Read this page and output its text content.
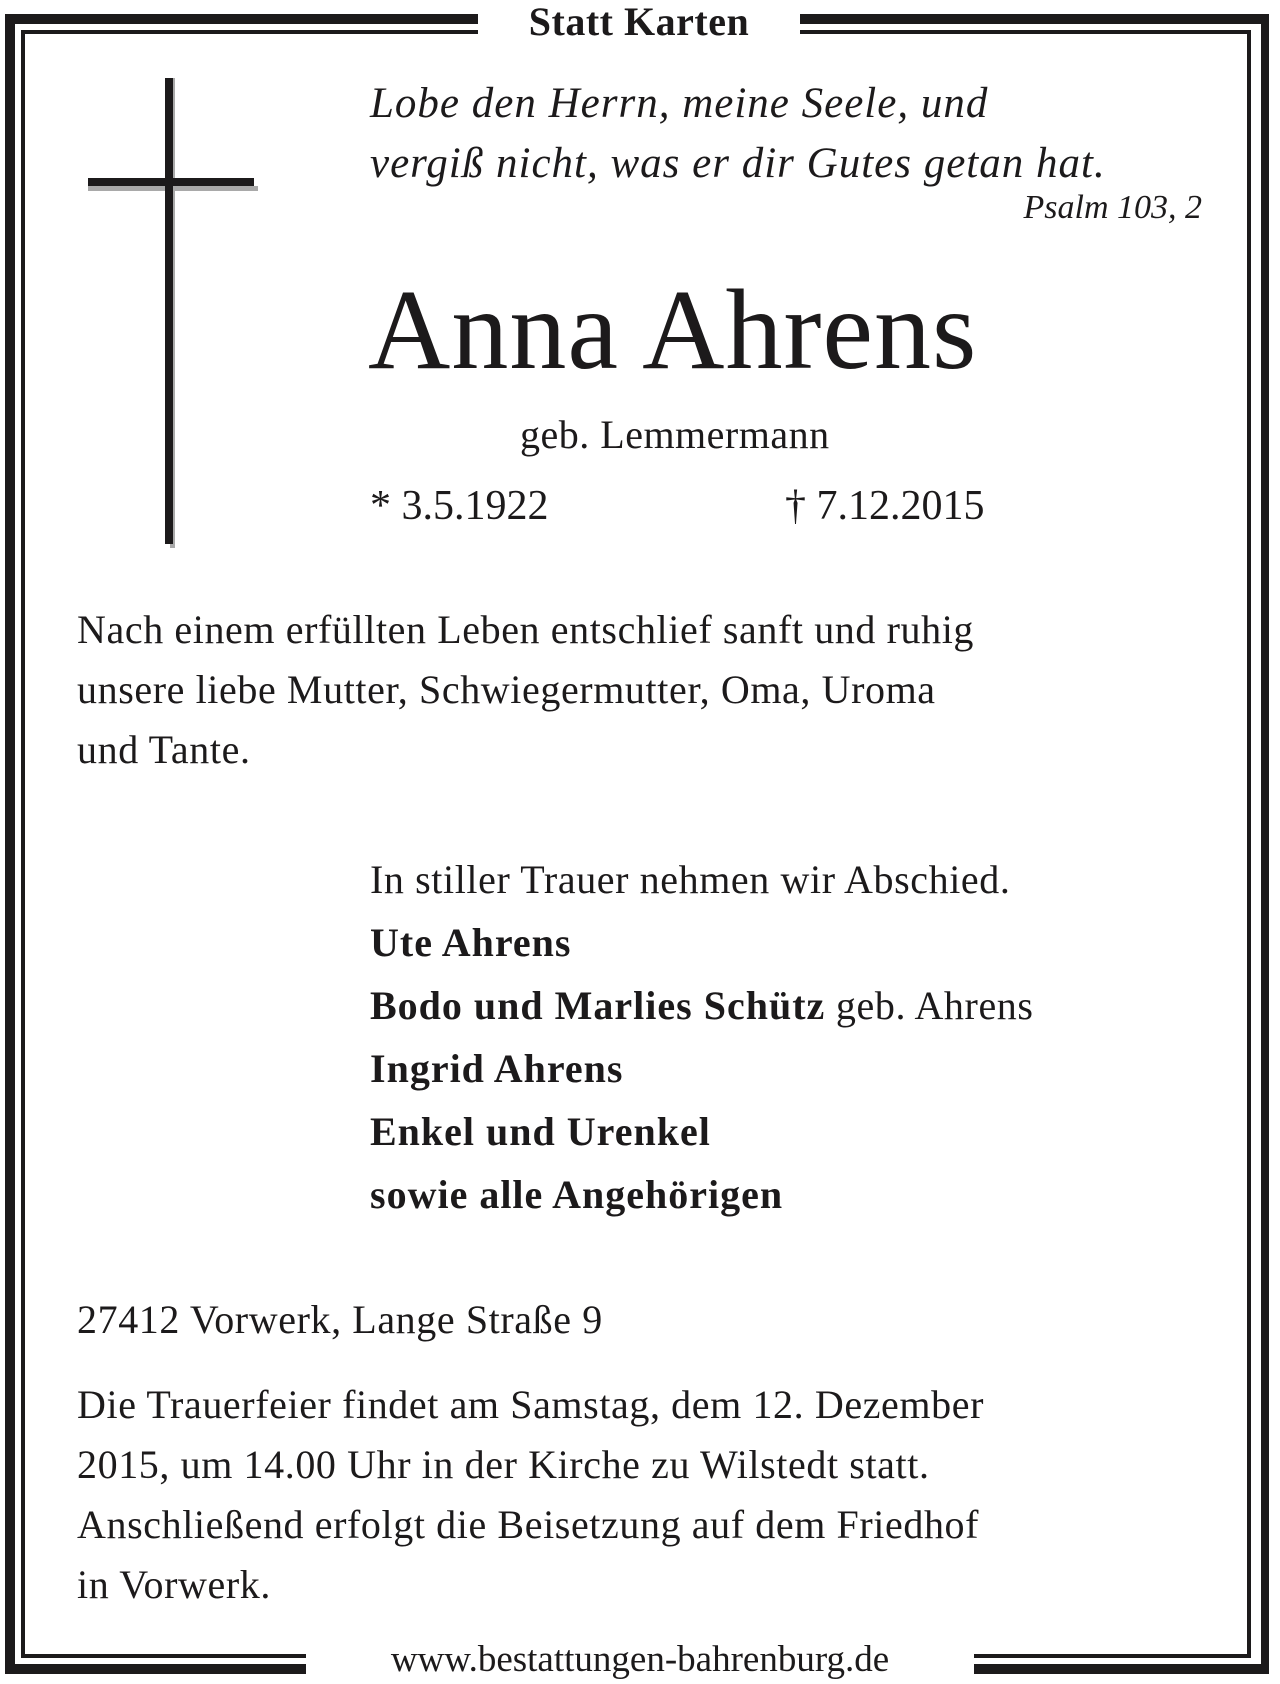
Statt Karten
Lobe den Herrn, meine Seele, und
vergiß nicht, was er dir Gutes getan hat.
Psalm 103, 2
Anna Ahrens
geb. Lemmermann
* 3.5.1922	† 7.12.2015
Nach einem erfüllten Leben entschlief sanft und ruhig
unsere liebe Mutter, Schwiegermutter, Oma, Uroma
und Tante.
In stiller Trauer nehmen wir Abschied.
Ute Ahrens
Bodo und Marlies Schütz geb. Ahrens
Ingrid Ahrens
Enkel und Urenkel
sowie alle Angehörigen
27412 Vorwerk, Lange Straße 9
Die Trauerfeier findet am Samstag, dem 12. Dezember
2015, um 14.00 Uhr in der Kirche zu Wilstedt statt.
Anschließend erfolgt die Beisetzung auf dem Friedhof
in Vorwerk.
www.bestattungen-bahrenburg.de
